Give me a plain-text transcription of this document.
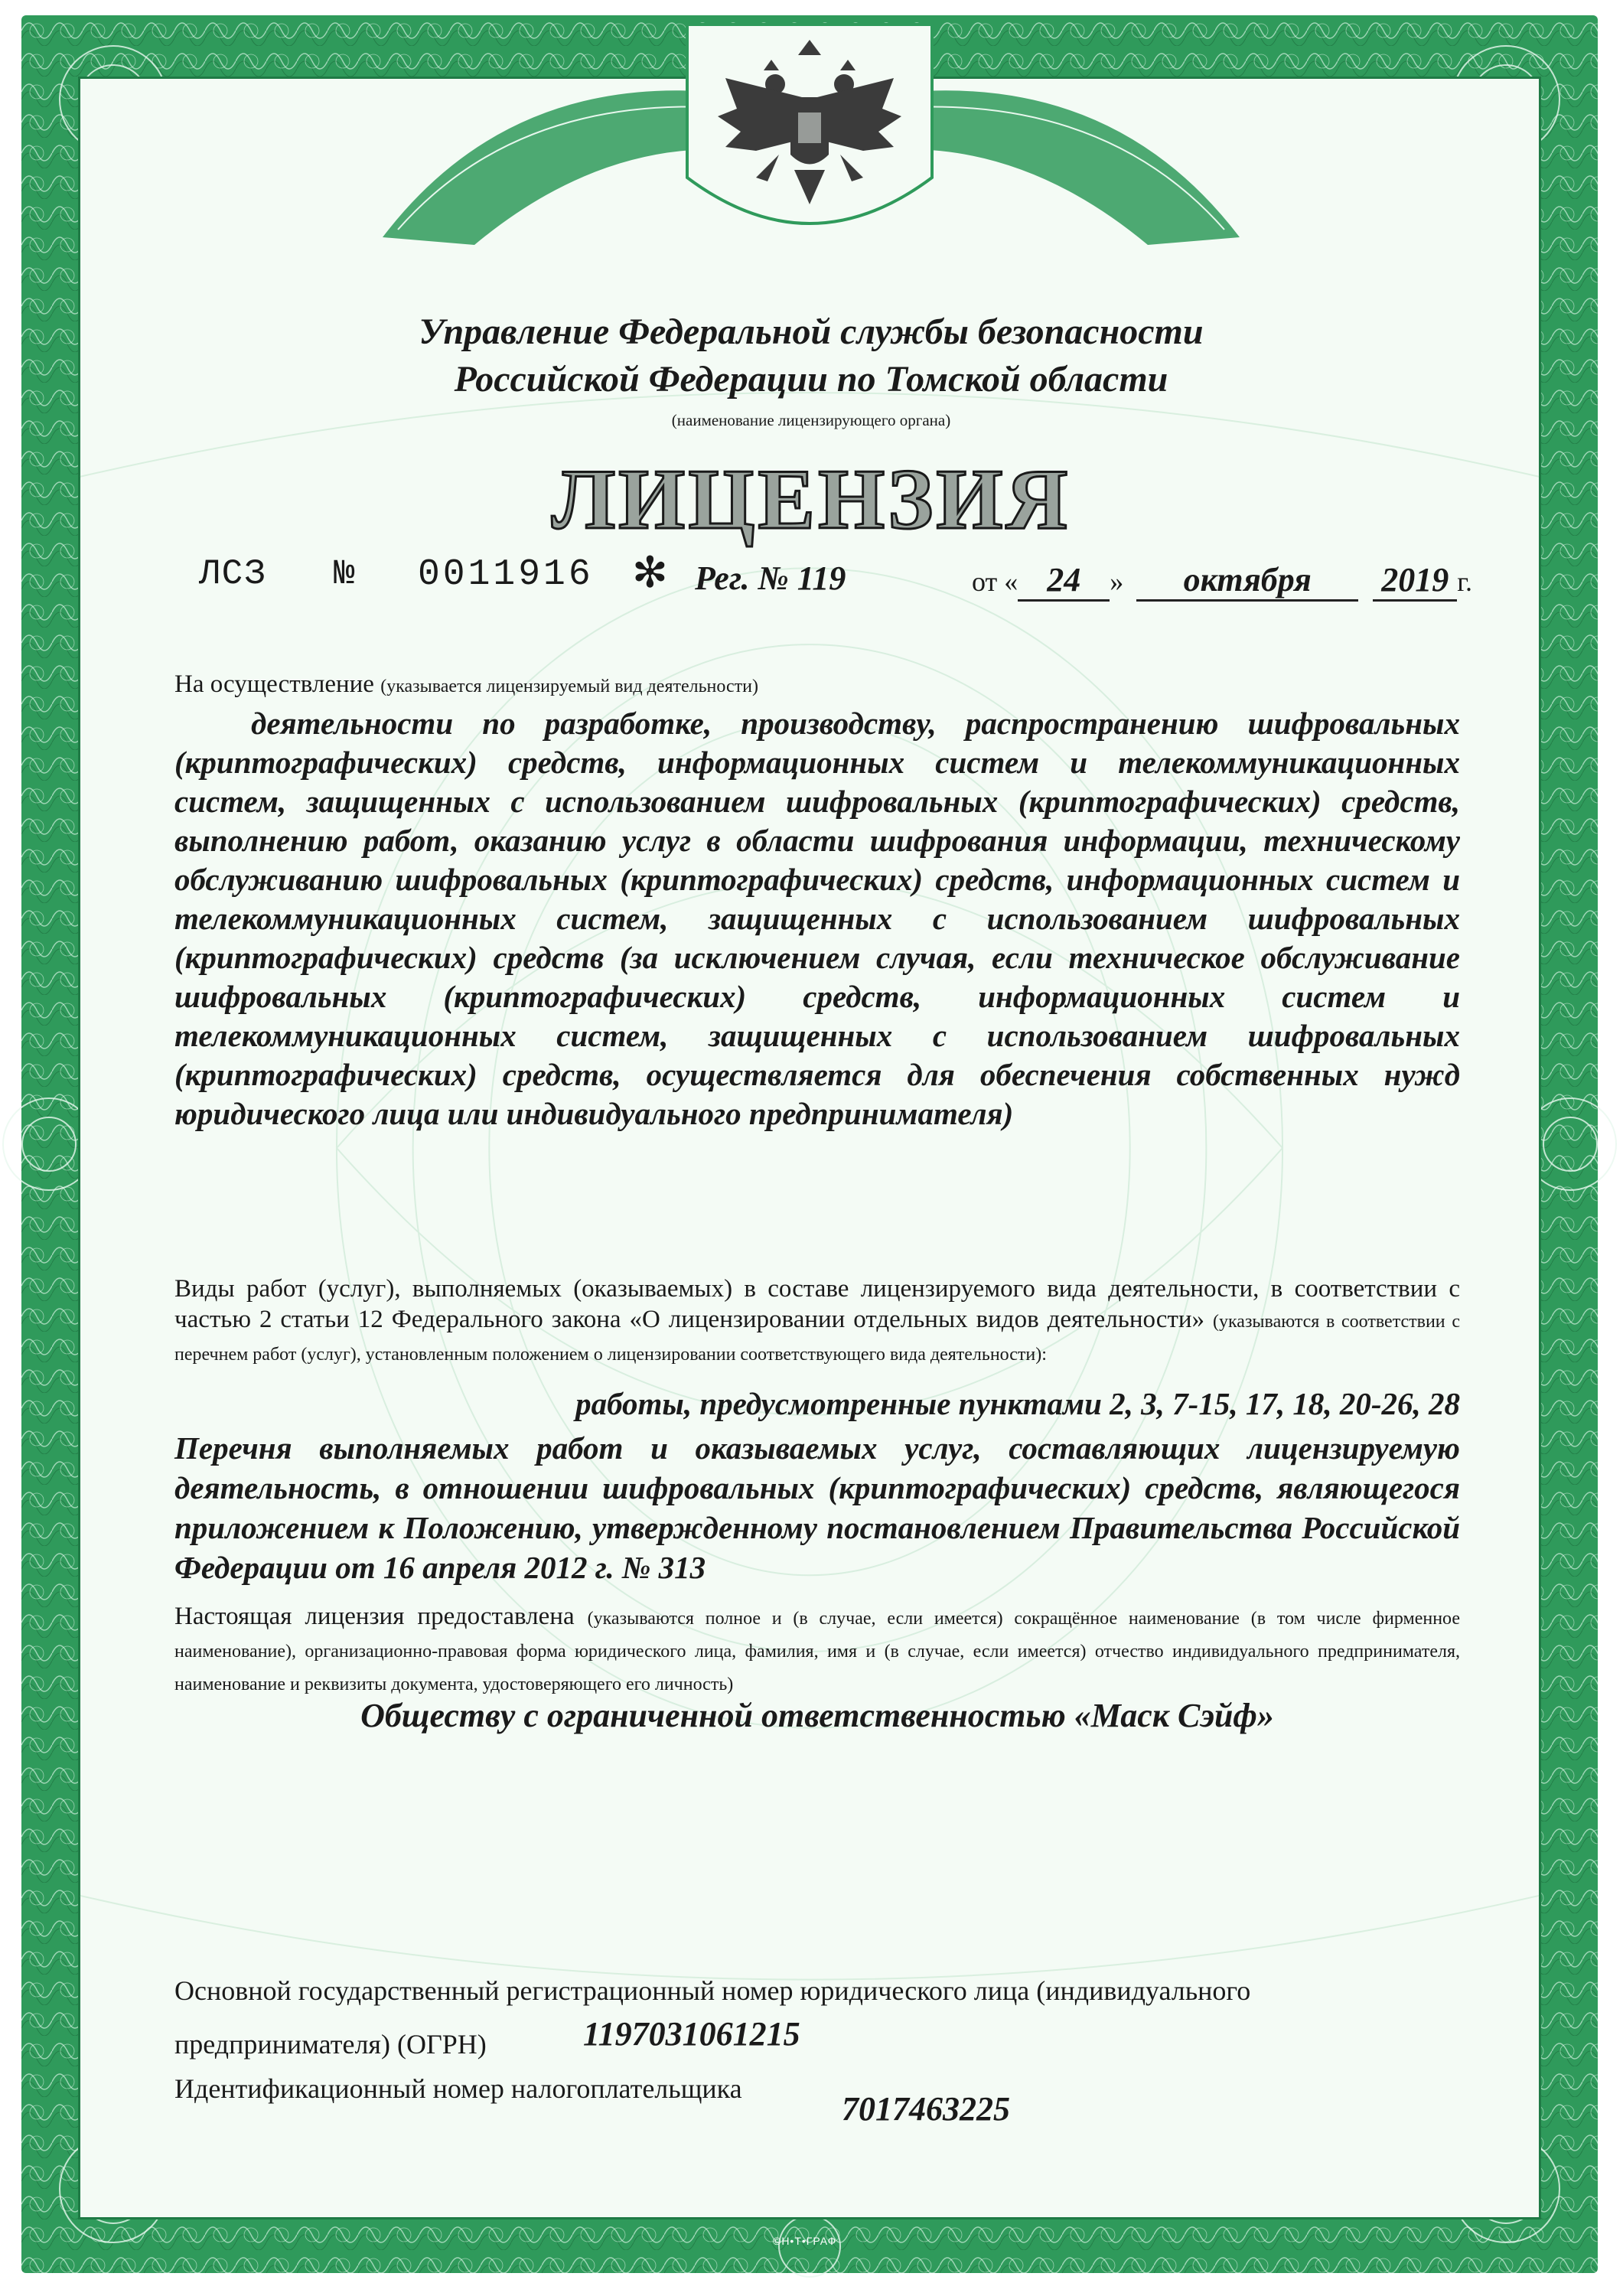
Управление Федеральной службы безопасности
Российской Федерации по Томской области
(наименование лицензирующего органа)
ЛИЦЕНЗИЯ
ЛСЗ № 0011916 ✻ Рег. № 119	от « 24 » октября 2019 г.
На осуществление (указывается лицензируемый вид деятельности)
деятельности по разработке, производству, распространению шифровальных (криптографических) средств, информационных систем и телекоммуникационных систем, защищенных с использованием шифровальных (криптографических) средств, выполнению работ, оказанию услуг в области шифрования информации, техническому обслуживанию шифровальных (криптографических) средств, информационных систем и телекоммуникационных систем, защищенных с использованием шифровальных (криптографических) средств (за исключением случая, если техническое обслуживание шифровальных (криптографических) средств, информационных систем и телекоммуникационных систем, защищенных с использованием шифровальных (криптографических) средств, осуществляется для обеспечения собственных нужд юридического лица или индивидуального предпринимателя)
Виды работ (услуг), выполняемых (оказываемых) в составе лицензируемого вида деятельности, в соответствии с частью 2 статьи 12 Федерального закона «О лицензировании отдельных видов деятельности» (указываются в соответствии с перечнем работ (услуг), установленным положением о лицензировании соответствующего вида деятельности):
работы, предусмотренные пунктами 2, 3, 7-15, 17, 18, 20-26, 28
Перечня выполняемых работ и оказываемых услуг, составляющих лицензируемую деятельность, в отношении шифровальных (криптографических) средств, являющегося приложением к Положению, утвержденному постановлением Правительства Российской Федерации от 16 апреля 2012 г. № 313
Настоящая лицензия предоставлена (указываются полное и (в случае, если имеется) сокращённое наименование (в том числе фирменное наименование), организационно-правовая форма юридического лица, фамилия, имя и (в случае, если имеется) отчество индивидуального предпринимателя, наименование и реквизиты документа, удостоверяющего его личность)
Обществу с ограниченной ответственностью «Маск Сэйф»
Основной государственный регистрационный номер юридического лица (индивидуального
предпринимателя) (ОГРН)	1197031061215
Идентификационный номер налогоплательщика
7017463225
©Н•Т•ГРАФ
